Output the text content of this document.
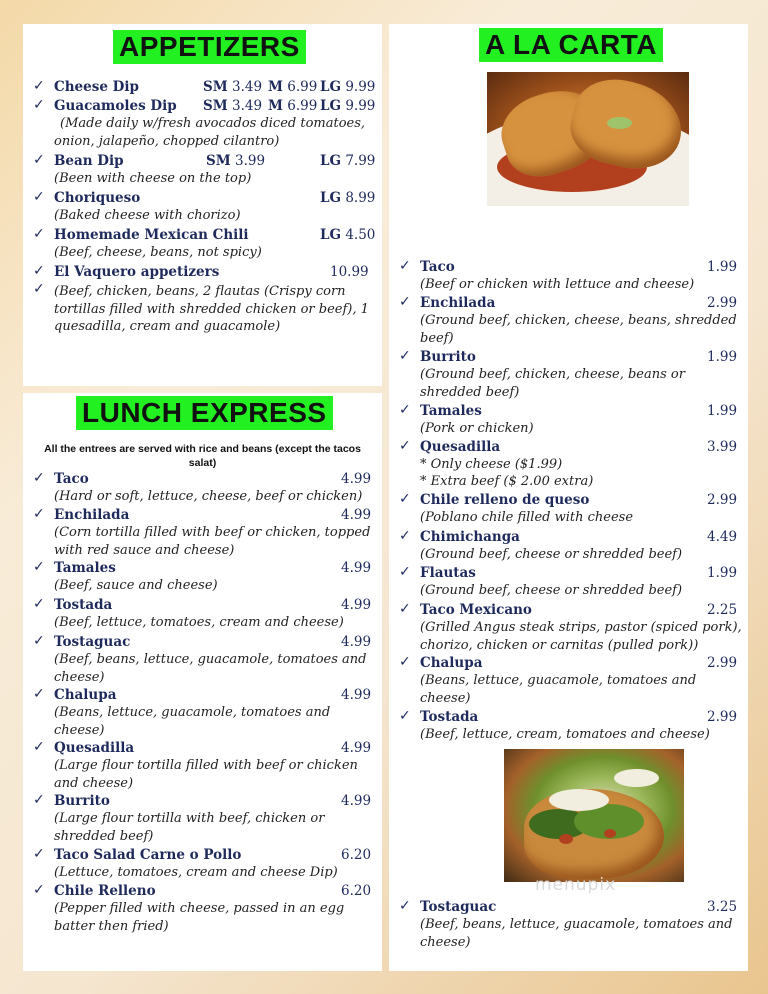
APPETIZERS
✓ Cheese Dip	SM 3.49 M 6.99 LG 9.99
✓ Guacamoles Dip SM 3.49 M 6.99 LG 9.99
(Made daily w/fresh avocados diced tomatoes, onion, jalapeño, chopped cilantro)
✓ Bean Dip	SM 3.99	LG 7.99
(Been with cheese on the top)
✓ Choriqueso	LG 8.99
(Baked cheese with chorizo)
✓ Homemade Mexican Chili	LG 4.50
(Beef, cheese, beans, not spicy)
✓ El Vaquero appetizers	10.99
✓ (Beef, chicken, beans, 2 flautas (Crispy corn tortillas filled with shredded chicken or beef), 1 quesadilla, cream and guacamole)
LUNCH EXPRESS
All the entrees are served with rice and beans (except the tacos salat)
✓ Taco	4.99
(Hard or soft, lettuce, cheese, beef or chicken)
✓ Enchilada	4.99
(Corn tortilla filled with beef or chicken, topped with red sauce and cheese)
✓ Tamales	4.99
(Beef, sauce and cheese)
✓ Tostada	4.99
(Beef, lettuce, tomatoes, cream and cheese)
✓ Tostaguac	4.99
(Beef, beans, lettuce, guacamole, tomatoes and cheese)
✓ Chalupa	4.99
(Beans, lettuce, guacamole, tomatoes and cheese)
✓ Quesadilla	4.99
(Large flour tortilla filled with beef or chicken and cheese)
✓ Burrito	4.99
(Large flour tortilla with beef, chicken or shredded beef)
✓ Taco Salad Carne o Pollo	6.20
(Lettuce, tomatoes, cream and cheese Dip)
✓ Chile Relleno	6.20
(Pepper filled with cheese, passed in an egg batter then fried)
A LA CARTA
✓ Taco	1.99
(Beef or chicken with lettuce and cheese)
✓ Enchilada	2.99
(Ground beef, chicken, cheese, beans, shredded beef)
✓ Burrito	1.99
(Ground beef, chicken, cheese, beans or shredded beef)
✓ Tamales	1.99
(Pork or chicken)
✓ Quesadilla	3.99
* Only cheese ($1.99)
* Extra beef ($ 2.00 extra)
✓ Chile relleno de queso	2.99
(Poblano chile filled with cheese
✓ Chimichanga	4.49
(Ground beef, cheese or shredded beef)
✓ Flautas	1.99
(Ground beef, cheese or shredded beef)
✓ Taco Mexicano	2.25
(Grilled Angus steak strips, pastor (spiced pork), chorizo, chicken or carnitas (pulled pork))
✓ Chalupa	2.99
(Beans, lettuce, guacamole, tomatoes and cheese)
✓ Tostada	2.99
(Beef, lettuce, cream, tomatoes and cheese)
✓ Tostaguac	3.25
(Beef, beans, lettuce, guacamole, tomatoes and cheese)
menupix
